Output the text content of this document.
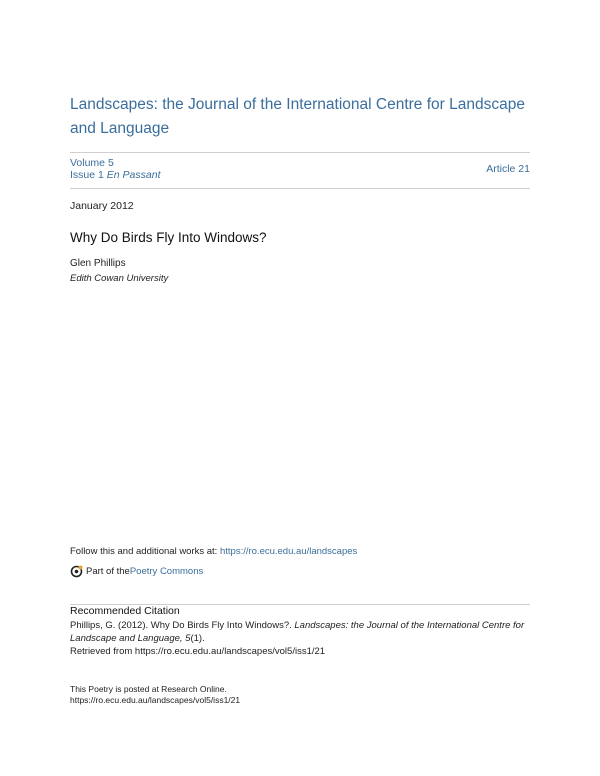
Landscapes: the Journal of the International Centre for Landscape and Language
Volume 5
Issue 1 En Passant	Article 21
January 2012
Why Do Birds Fly Into Windows?
Glen Phillips
Edith Cowan University
Follow this and additional works at: https://ro.ecu.edu.au/landscapes
Part of the Poetry Commons
Recommended Citation
Phillips, G. (2012). Why Do Birds Fly Into Windows?. Landscapes: the Journal of the International Centre for Landscape and Language, 5(1).
Retrieved from https://ro.ecu.edu.au/landscapes/vol5/iss1/21
This Poetry is posted at Research Online.
https://ro.ecu.edu.au/landscapes/vol5/iss1/21
